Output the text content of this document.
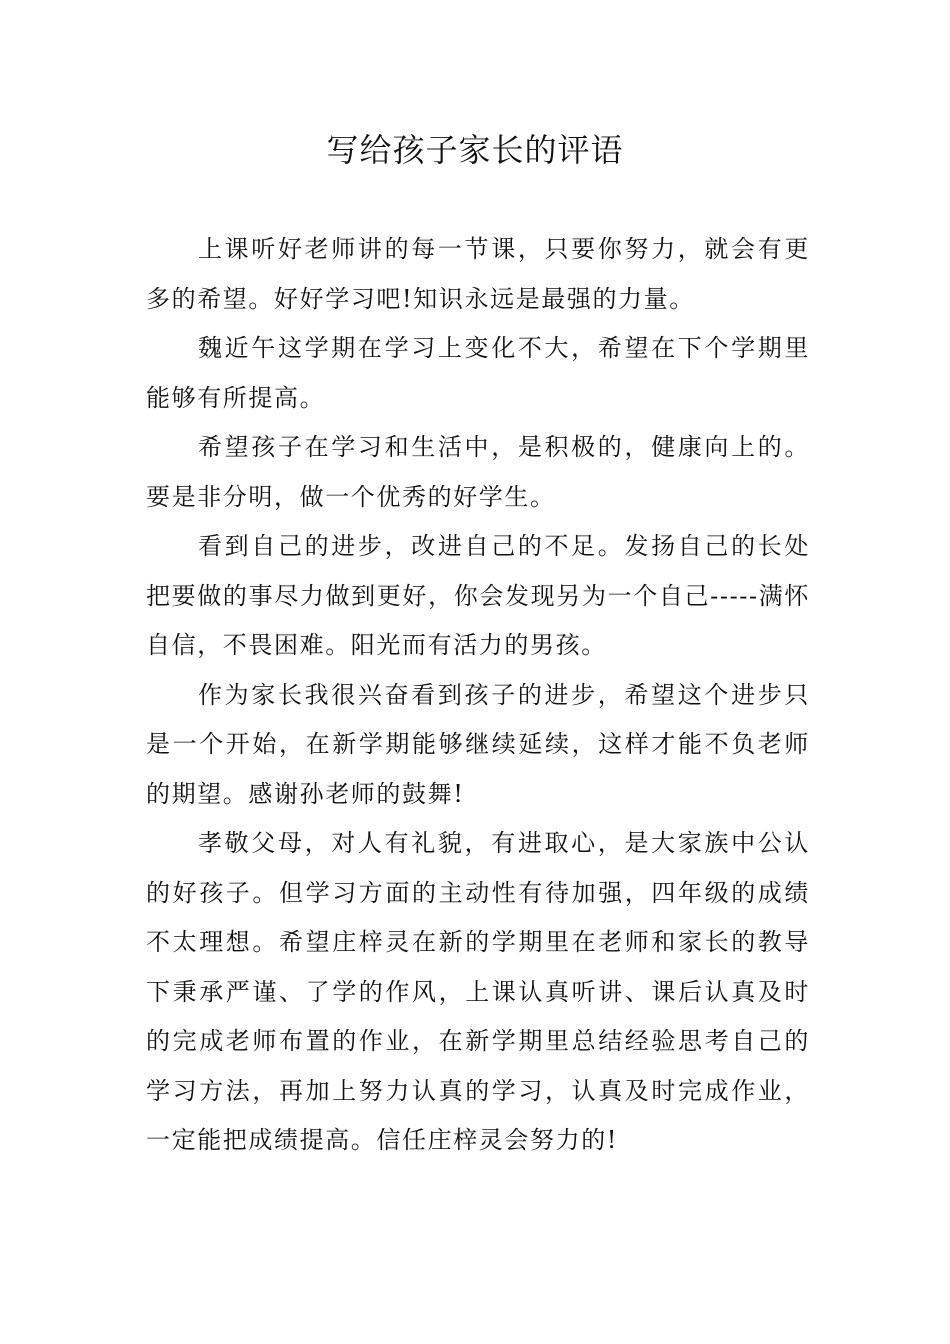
写给孩子家长的评语

上课听好老师讲的每一节课，只要你努力，就会有更多的希望。好好学习吧!知识永远是最强的力量。

魏近午这学期在学习上变化不大，希望在下个学期里能够有所提高。

希望孩子在学习和生活中，是积极的，健康向上的。要是非分明，做一个优秀的好学生。

看到自己的进步，改进自己的不足。发扬自己的长处把要做的事尽力做到更好，你会发现另为一个自己-----满怀自信，不畏困难。阳光而有活力的男孩。

作为家长我很兴奋看到孩子的进步，希望这个进步只是一个开始，在新学期能够继续延续，这样才能不负老师的期望。感谢孙老师的鼓舞!

孝敬父母，对人有礼貌，有进取心，是大家族中公认的好孩子。但学习方面的主动性有待加强，四年级的成绩不太理想。希望庄梓灵在新的学期里在老师和家长的教导下秉承严谨、了学的作风，上课认真听讲、课后认真及时的完成老师布置的作业，在新学期里总结经验思考自己的学习方法，再加上努力认真的学习，认真及时完成作业，一定能把成绩提高。信任庄梓灵会努力的!
